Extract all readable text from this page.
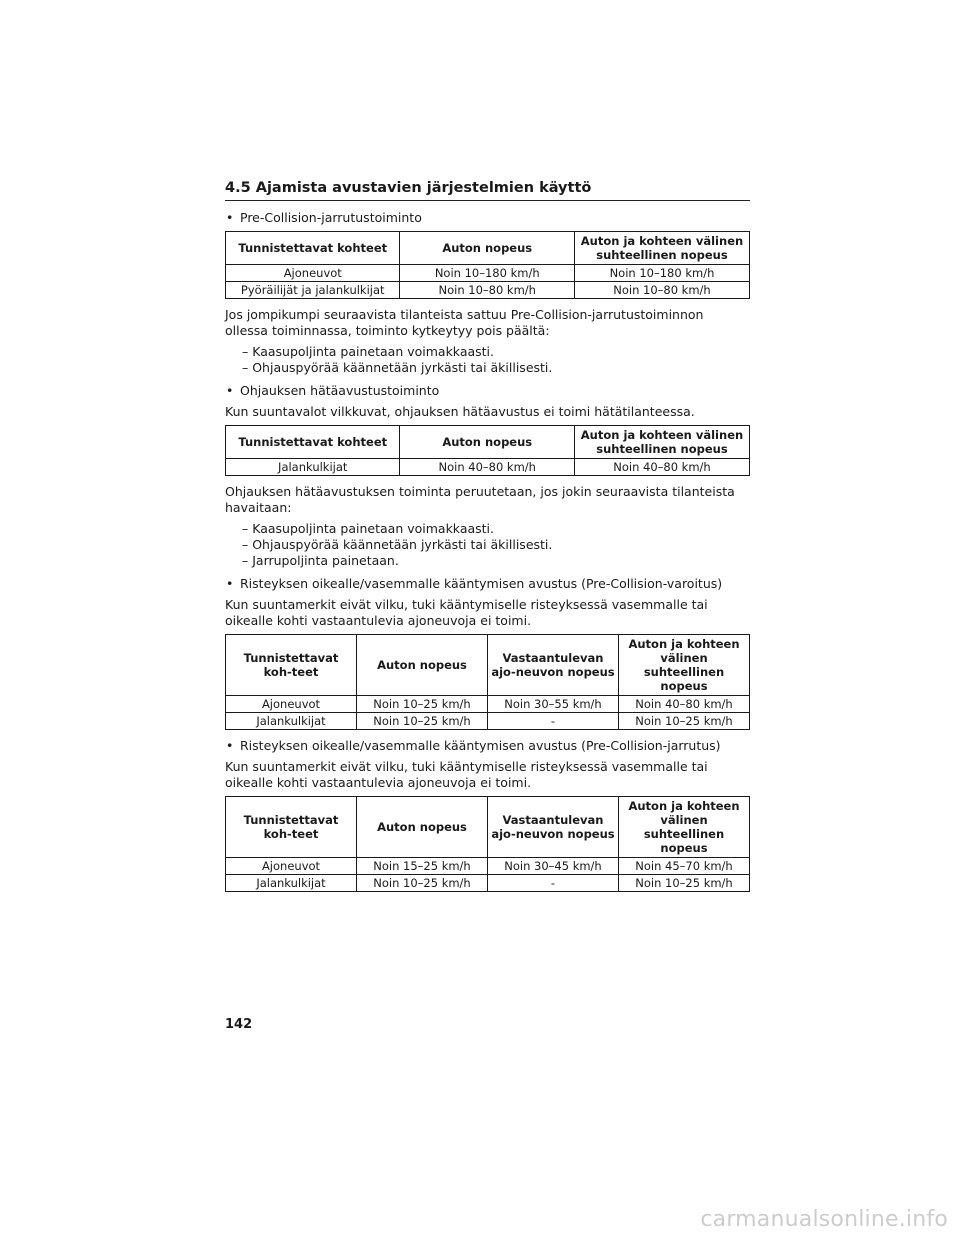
4.5 Ajamista avustavien järjestelmien käyttö
• Pre-Collision-jarrutustoiminto
Tunnistettavat kohteet	Auton nopeus	Auton ja kohteen välinen suhteellinen nopeus
Ajoneuvot	Noin 10–180 km/h	Noin 10–180 km/h
Pyöräilijät ja jalankulkijat	Noin 10–80 km/h	Noin 10–80 km/h

Jos jompikumpi seuraavista tilanteista sattuu Pre-Collision-jarrutustoiminnon ollessa toiminnassa, toiminto kytkeytyy pois päältä:

– Kaasupoljinta painetaan voimakkaasti.
– Ohjauspyörää käännetään jyrkästi tai äkillisesti.
• Ohjauksen hätäavustustoiminto

Kun suuntavalot vilkkuvat, ohjauksen hätäavustus ei toimi hätätilanteessa.

Tunnistettavat kohteet	Auton nopeus	Auton ja kohteen välinen suhteellinen nopeus
Jalankulkijat	Noin 40–80 km/h	Noin 40–80 km/h

Ohjauksen hätäavustuksen toiminta peruutetaan, jos jokin seuraavista tilanteista havaitaan:

– Kaasupoljinta painetaan voimakkaasti.
– Ohjauspyörää käännetään jyrkästi tai äkillisesti.
– Jarrupoljinta painetaan.
• Risteyksen oikealle/vasemmalle kääntymisen avustus (Pre-Collision-varoitus)

Kun suuntamerkit eivät vilku, tuki kääntymiselle risteyksessä vasemmalle tai oikealle kohti vastaantulevia ajoneuvoja ei toimi.

Tunnistettavat koh-teet	Auton nopeus	Vastaantulevan ajo-neuvon nopeus	Auton ja kohteen välinen suhteellinen nopeus
Ajoneuvot	Noin 10–25 km/h	Noin 30–55 km/h	Noin 40–80 km/h
Jalankulkijat	Noin 10–25 km/h	-	Noin 10–25 km/h
• Risteyksen oikealle/vasemmalle kääntymisen avustus (Pre-Collision-jarrutus)

Kun suuntamerkit eivät vilku, tuki kääntymiselle risteyksessä vasemmalle tai oikealle kohti vastaantulevia ajoneuvoja ei toimi.

Tunnistettavat koh-teet	Auton nopeus	Vastaantulevan ajo-neuvon nopeus	Auton ja kohteen välinen suhteellinen nopeus
Ajoneuvot	Noin 15–25 km/h	Noin 30–45 km/h	Noin 45–70 km/h
Jalankulkijat	Noin 10–25 km/h	-	Noin 10–25 km/h
142
carmanualsonline.info
